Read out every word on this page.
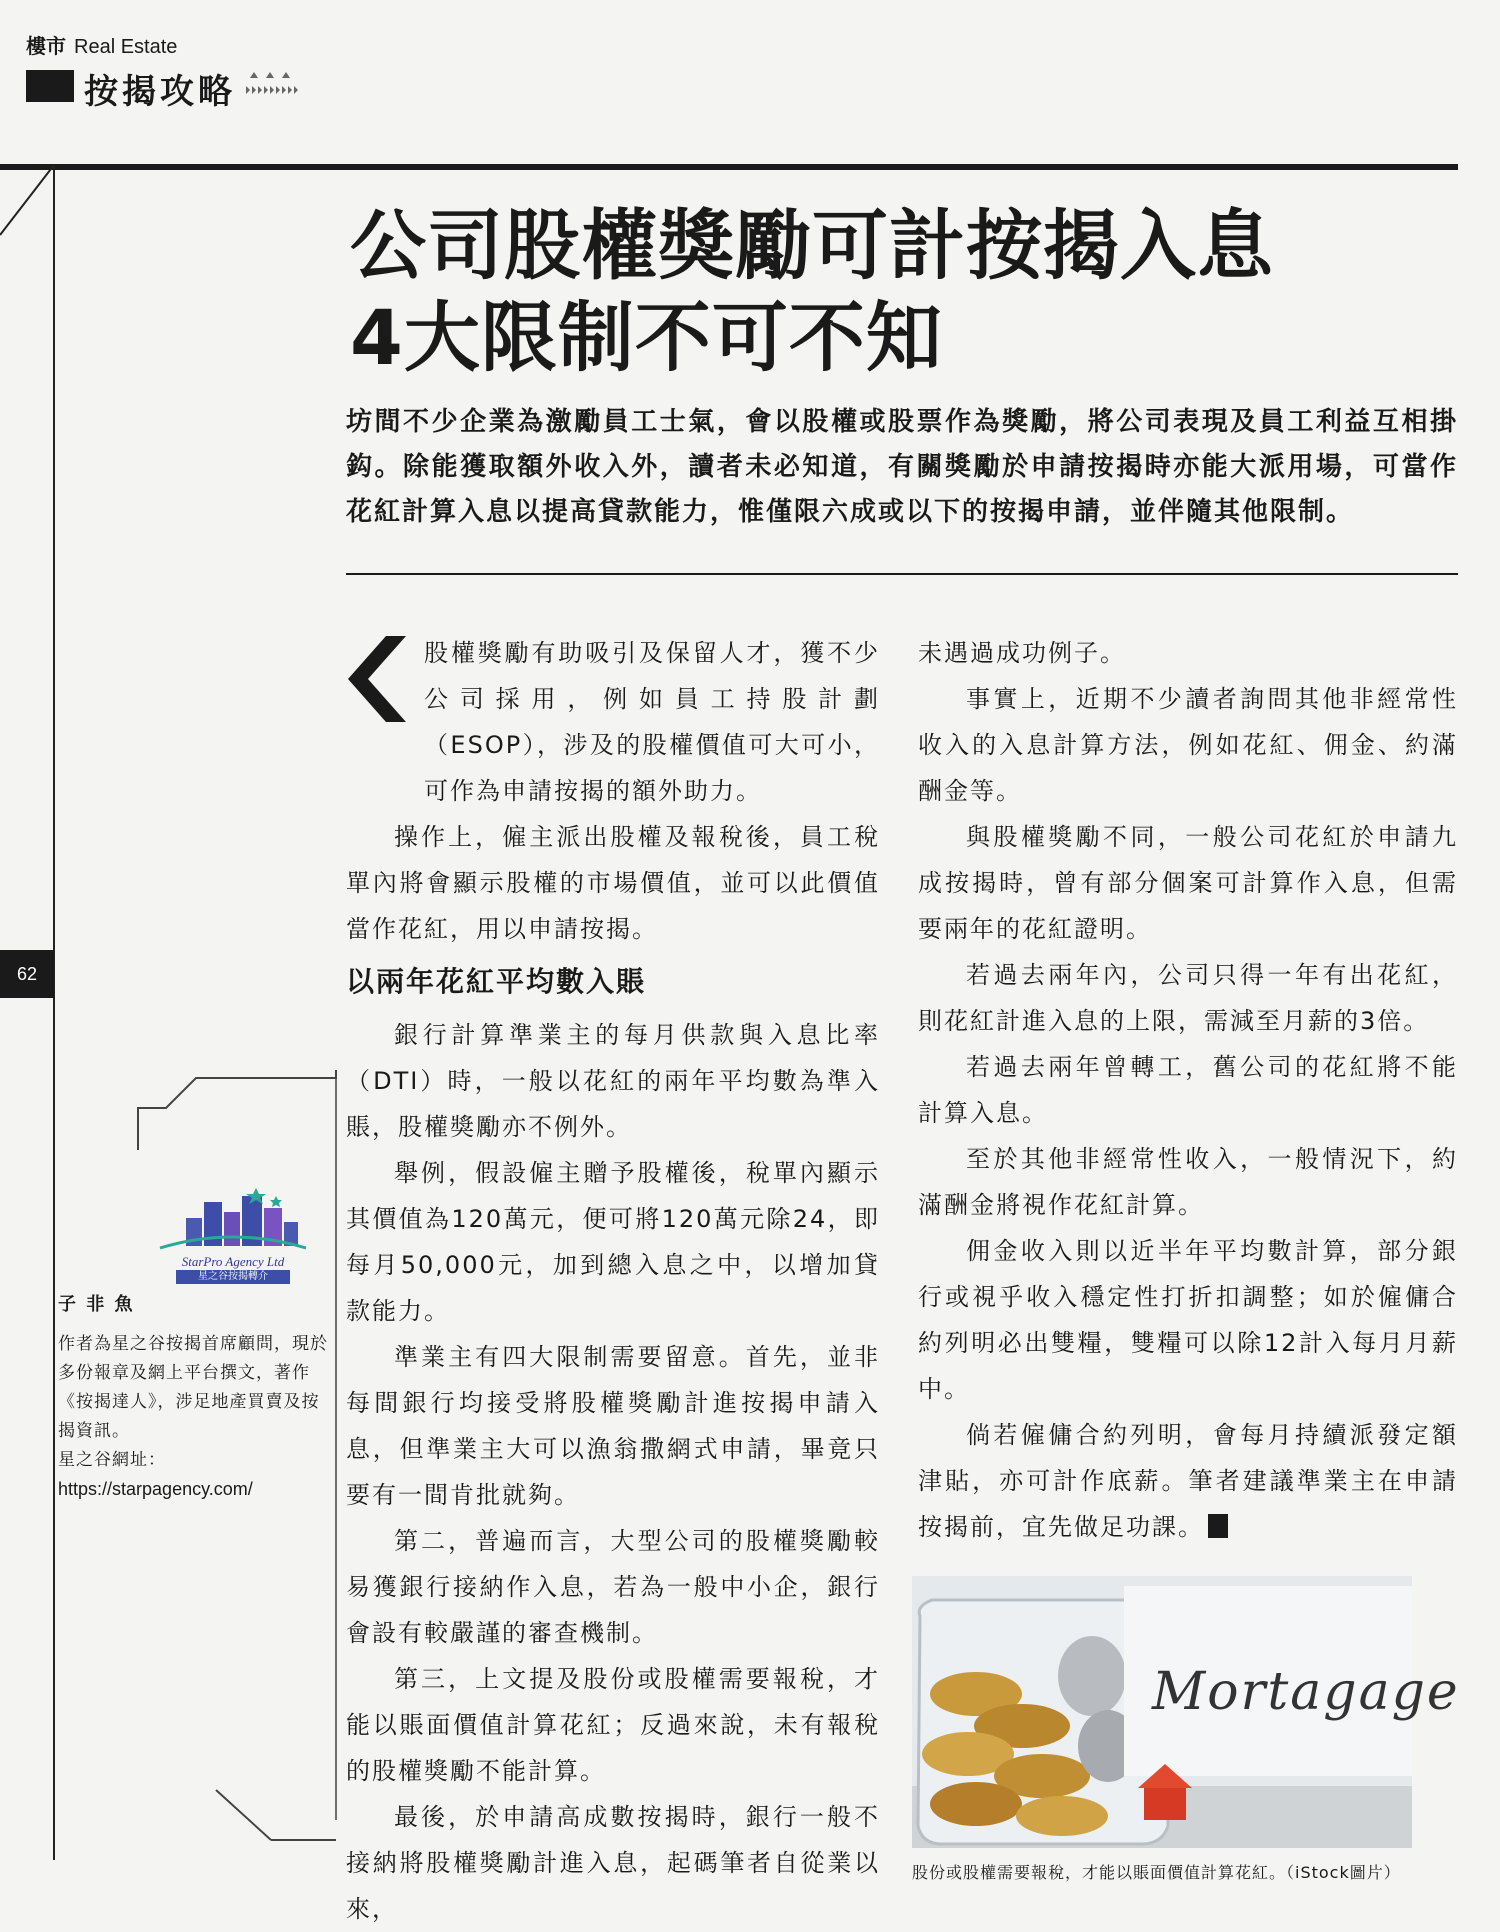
樓市 Real Estate
按揭攻略
62
公司股權獎勵可計按揭入息
4大限制不可不知
坊間不少企業為激勵員工士氣，會以股權或股票作為獎勵，將公司表現及員工利益互相掛鈎。除能獲取額外收入外，讀者未必知道，有關獎勵於申請按揭時亦能大派用場，可當作花紅計算入息以提高貸款能力，惟僅限六成或以下的按揭申請，並伴隨其他限制。

股權獎勵有助吸引及保留人才，獲不少公司採用，例如員工持股計劃（ESOP），涉及的股權價值可大可小，可作為申請按揭的額外助力。

操作上，僱主派出股權及報稅後，員工稅單內將會顯示股權的市場價值，並可以此價值當作花紅，用以申請按揭。

以兩年花紅平均數入賬

銀行計算準業主的每月供款與入息比率（DTI）時，一般以花紅的兩年平均數為準入賬，股權獎勵亦不例外。

舉例，假設僱主贈予股權後，稅單內顯示其價值為120萬元，便可將120萬元除24，即每月50,000元，加到總入息之中，以增加貸款能力。

準業主有四大限制需要留意。首先，並非每間銀行均接受將股權獎勵計進按揭申請入息，但準業主大可以漁翁撒網式申請，畢竟只要有一間肯批就夠。

第二，普遍而言，大型公司的股權獎勵較易獲銀行接納作入息，若為一般中小企，銀行會設有較嚴謹的審查機制。

第三，上文提及股份或股權需要報稅，才能以賬面價值計算花紅；反過來說，未有報稅的股權獎勵不能計算。

最後，於申請高成數按揭時，銀行一般不接納將股權獎勵計進入息，起碼筆者自從業以來，

未遇過成功例子。

事實上，近期不少讀者詢問其他非經常性收入的入息計算方法，例如花紅、佣金、約滿酬金等。

與股權獎勵不同，一般公司花紅於申請九成按揭時，曾有部分個案可計算作入息，但需要兩年的花紅證明。

若過去兩年內，公司只得一年有出花紅，則花紅計進入息的上限，需減至月薪的3倍。

若過去兩年曾轉工，舊公司的花紅將不能計算入息。

至於其他非經常性收入，一般情況下，約滿酬金將視作花紅計算。

佣金收入則以近半年平均數計算，部分銀行或視乎收入穩定性打折扣調整；如於僱傭合約列明必出雙糧，雙糧可以除12計入每月月薪中。

倘若僱傭合約列明，會每月持續派發定額津貼，亦可計作底薪。筆者建議準業主在申請按揭前，宜先做足功課。

StarPro Agency Ltd
星之谷按揭轉介
子 非 魚
作者為星之谷按揭首席顧問，現於多份報章及網上平台撰文，著作《按揭達人》，涉足地產買賣及按揭資訊。
星之谷網址：
https://starpagency.com/
Mortagage
股份或股權需要報稅，才能以賬面價值計算花紅。（iStock圖片）
